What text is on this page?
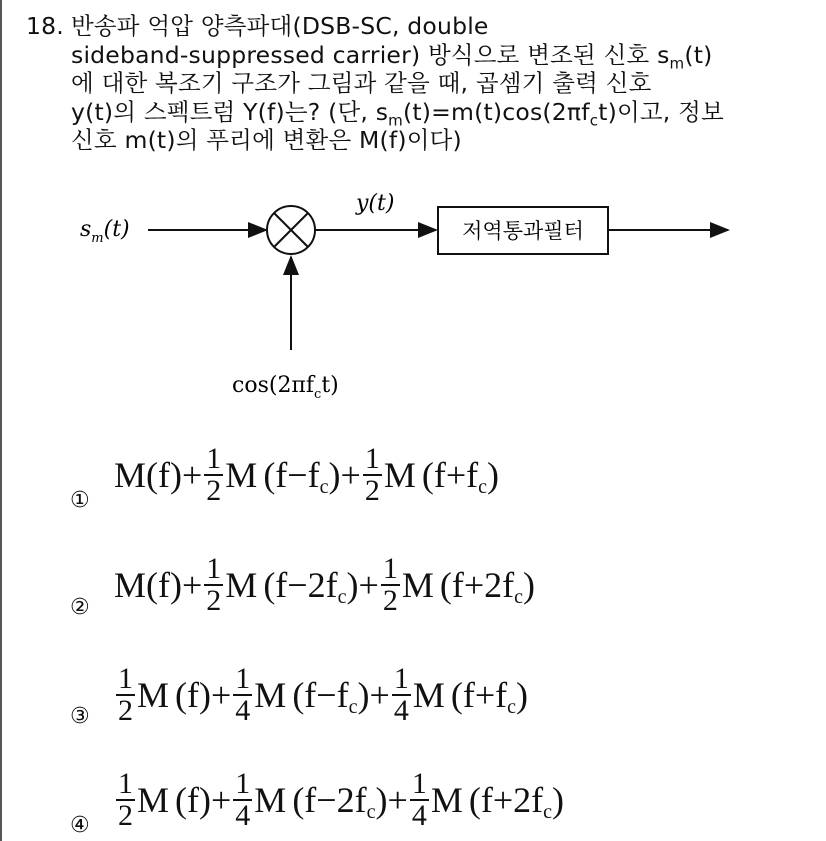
18. 반송파 억압 양측파대(DSB-SC, double
sideband-suppressed carrier) 방식으로 변조된 신호 $s_m(t)$
에 대한 복조기 구조가 그림과 같을 때, 곱셈기 출력 신호
y(t)의 스펙트럼 Y(f)는? (단, $s_m(t)=m(t)\cos(2\pi f_ct)$이고, 정보
신호 m(t)의 푸리에 변환은 M(f)이다)
$s_m(t)$
y(t)
저역통과필터
$\cos(2\pi f_ct)$
①
M $(f) + \frac{1}{2}$ M (f − f c ) + $\frac{1}{2}$ M (f + f c )
②
M $(f) + \frac{1}{2}$ M (f − 2f c ) + $\frac{1}{2}$ M (f + 2f c )
③ $\frac{1}{2}$ M $(f) + \frac{1}{4}$ M (f − f c ) + $\frac{1}{4}$ M (f + f c )
④ $\frac{1}{2}$ M $(f) + \frac{1}{4}$ M (f − 2f c ) + $\frac{1}{4}$ M (f + 2f c )
